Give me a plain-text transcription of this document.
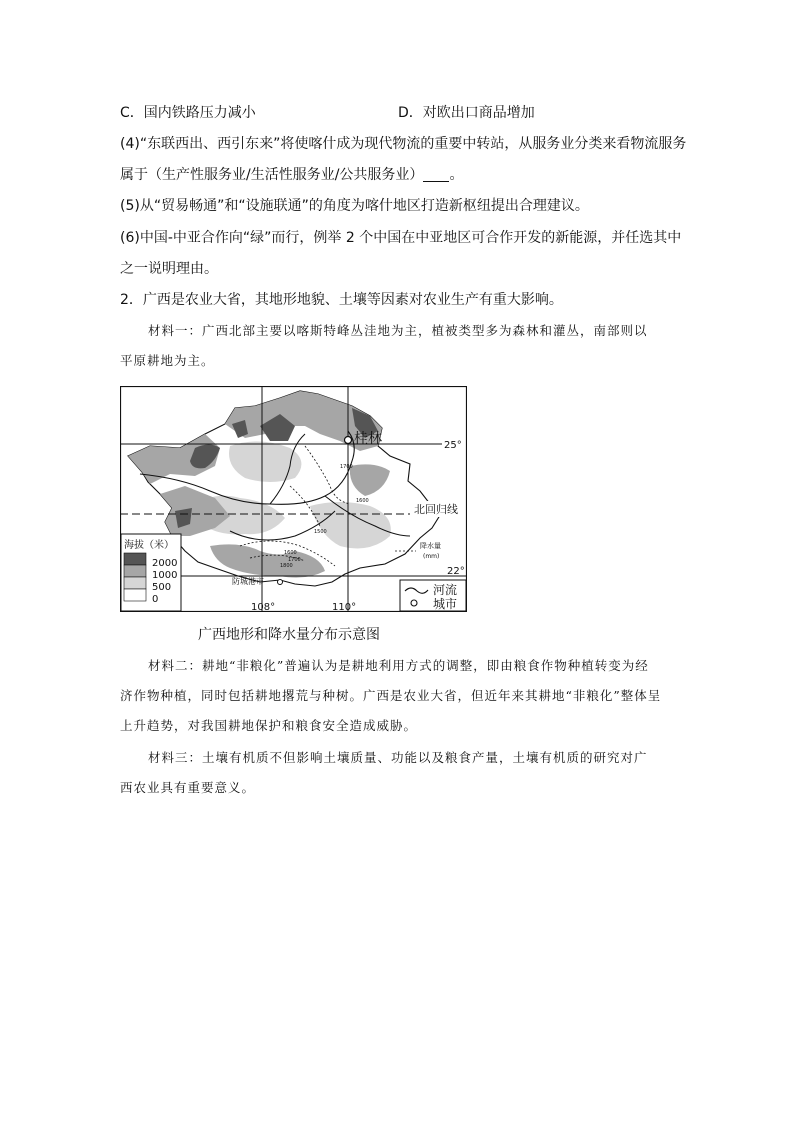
C．国内铁路压力减小	D．对欧出口商品增加
(4)“东联西出、西引东来”将使喀什成为现代物流的重要中转站，从服务业分类来看物流服务
属于（生产性服务业/生活性服务业/公共服务业） 。
(5)从“贸易畅通”和“设施联通”的角度为喀什地区打造新枢纽提出合理建议。
(6)中国-中亚合作向“绿”而行，例举 2 个中国在中亚地区可合作开发的新能源，并任选其中
之一说明理由。
2．广西是农业大省，其地形地貌、土壤等因素对农业生产有重大影响。
材料一：广西北部主要以喀斯特峰丛洼地为主，植被类型多为森林和灌丛，南部则以
平原耕地为主。
桂林
防城港市
25°
22°
108°	110°
北回归线
1700
1600
1500
1600
1700
1800
降水量
(mm)
海拔（米）
2000
1000
500
0
河流
城市
广西地形和降水量分布示意图
材料二：耕地“非粮化”普遍认为是耕地利用方式的调整，即由粮食作物种植转变为经
济作物种植，同时包括耕地撂荒与种树。广西是农业大省，但近年来其耕地“非粮化”整体呈
上升趋势，对我国耕地保护和粮食安全造成威胁。
材料三：土壤有机质不但影响土壤质量、功能以及粮食产量，土壤有机质的研究对广
西农业具有重要意义。
